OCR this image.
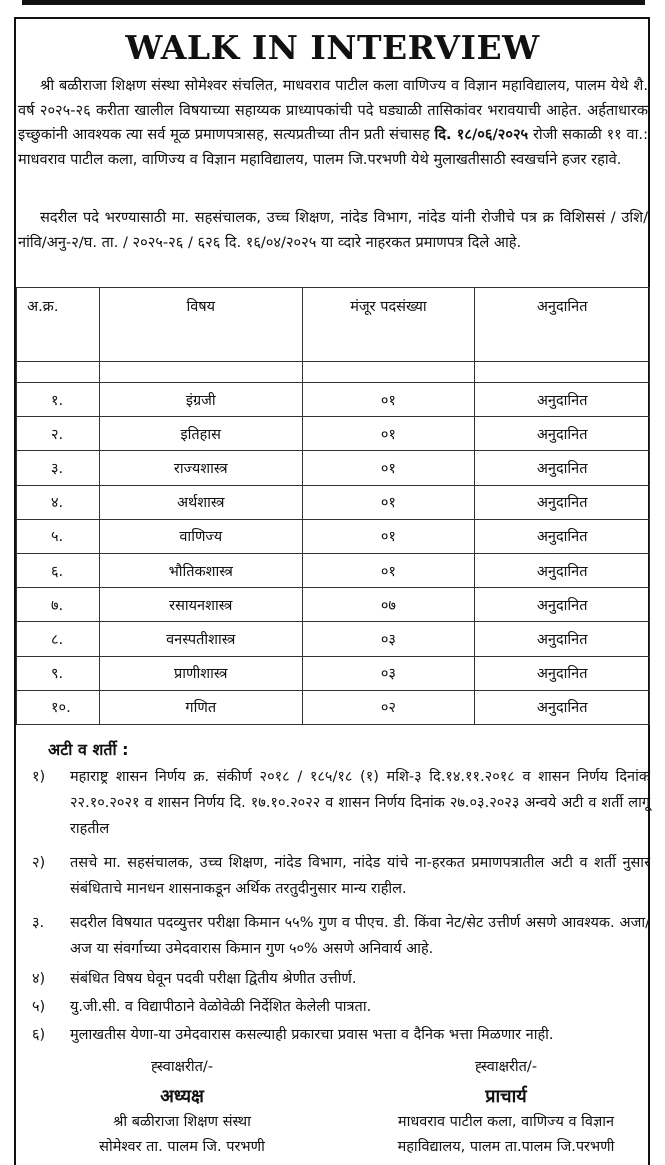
WALK IN INTERVIEW

श्री बळीराजा शिक्षण संस्था सोमेश्वर संचलित, माधवराव पाटील कला वाणिज्य व विज्ञान महाविद्यालय, पालम येथे शै. वर्ष २०२५-२६ करीता खालील विषयाच्या सहाय्यक प्राध्यापकांची पदे घड्याळी तासिकांवर भरावयाची आहेत. अर्हताधारक इच्छुकांनी आवश्यक त्या सर्व मूळ प्रमाणपत्रासह, सत्यप्रतीच्या तीन प्रती संचासह दि. १८/०६/२०२५ रोजी सकाळी ११ वा.: माधवराव पाटील कला, वाणिज्य व विज्ञान महाविद्यालय, पालम जि.परभणी येथे मुलाखतीसाठी स्वखर्चाने हजर रहावे.

सदरील पदे भरण्यासाठी मा. सहसंचालक, उच्च शिक्षण, नांदेड विभाग, नांदेड यांनी रोजीचे पत्र क्र विशिससं / उशि/नांवि/अनु-२/घ. ता. / २०२५-२६ / ६२६ दि. १६/०४/२०२५ या व्दारे नाहरकत प्रमाणपत्र दिले आहे.

अ.क्र.	विषय	मंजूर पदसंख्या	अनुदानित

१.	इंग्रजी	०१	अनुदानित
२.	इतिहास	०१	अनुदानित
३.	राज्यशास्त्र	०१	अनुदानित
४.	अर्थशास्त्र	०१	अनुदानित
५.	वाणिज्य	०१	अनुदानित
६.	भौतिकशास्त्र	०१	अनुदानित
७.	रसायनशास्त्र	०७	अनुदानित
८.	वनस्पतीशास्त्र	०३	अनुदानित
९.	प्राणीशास्त्र	०३	अनुदानित
१०.	गणित	०२	अनुदानित

अटी व शर्ती :

१)	महाराष्ट्र शासन निर्णय क्र. संकीर्ण २०१८ / १८५/१८ (१) मशि-३ दि.१४.११.२०१८ व शासन निर्णय दिनांक २२.१०.२०२१ व शासन निर्णय दि. १७.१०.२०२२ व शासन निर्णय दिनांक २७.०३.२०२३ अन्वये अटी व शर्ती लागू राहतील
२)	तसचे मा. सहसंचालक, उच्च शिक्षण, नांदेड विभाग, नांदेड यांचे ना-हरकत प्रमाणपत्रातील अटी व शर्ती नुसार संबंधिताचे मानधन शासनाकडून अर्थिक तरतुदीनुसार मान्य राहील.
३.	सदरील विषयात पदव्युत्तर परीक्षा किमान ५५% गुण व पीएच. डी. किंवा नेट/सेट उत्तीर्ण असणे आवश्यक. अजा/अज या संवर्गाच्या उमेदवारास किमान गुण ५०% असणे अनिवार्य आहे.
४)	संबंधित विषय घेवून पदवी परीक्षा द्वितीय श्रेणीत उत्तीर्ण.
५)	यु.जी.सी. व विद्यापीठाने वेळोवेळी निर्देशित केलेली पात्रता.
६)	मुलाखतीस येणा-या उमेदवारास कसल्याही प्रकारचा प्रवास भत्ता व दैनिक भत्ता मिळणार नाही.
ह्स्वाक्षरीत/-
अध्यक्ष
श्री बळीराजा शिक्षण संस्था
सोमेश्वर ता. पालम जि. परभणी
ह्स्वाक्षरीत/-
प्राचार्य
माधवराव पाटील कला, वाणिज्य व विज्ञान
महाविद्यालय, पालम ता.पालम जि.परभणी
